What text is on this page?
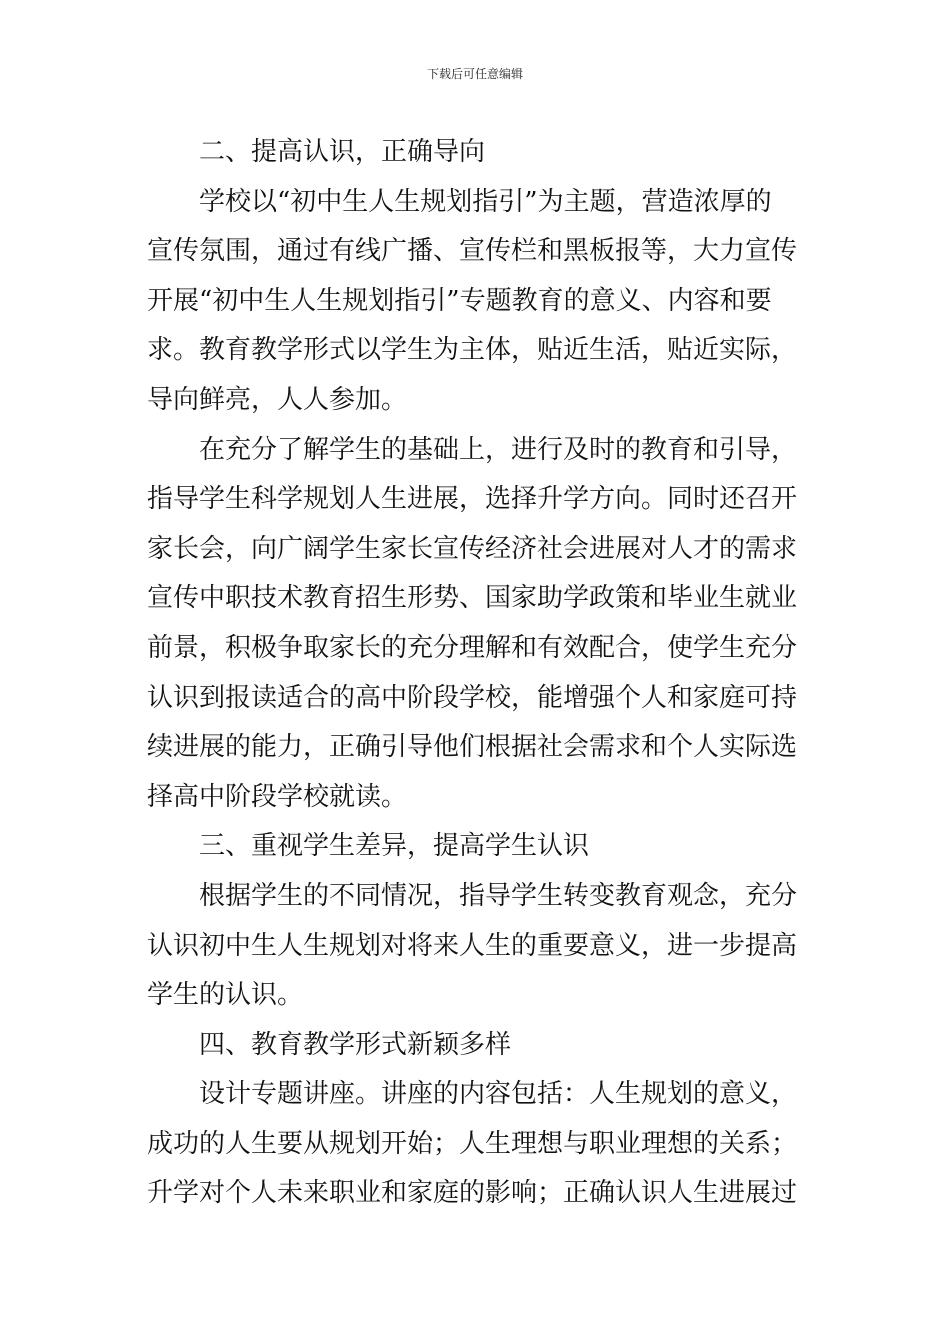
下载后可任意编辑
二、提高认识，正确导向
学校以“初中生人生规划指引”为主题，营造浓厚的
宣传氛围，通过有线广播、宣传栏和黑板报等，大力宣传
开展“初中生人生规划指引”专题教育的意义、内容和要
求。教育教学形式以学生为主体，贴近生活，贴近实际，
导向鲜亮，人人参加。
在充分了解学生的基础上，进行及时的教育和引导，
指导学生科学规划人生进展，选择升学方向。同时还召开
家长会，向广阔学生家长宣传经济社会进展对人才的需求
宣传中职技术教育招生形势、国家助学政策和毕业生就业
前景，积极争取家长的充分理解和有效配合，使学生充分
认识到报读适合的高中阶段学校，能增强个人和家庭可持
续进展的能力，正确引导他们根据社会需求和个人实际选
择高中阶段学校就读。
三、重视学生差异，提高学生认识
根据学生的不同情况，指导学生转变教育观念，充分
认识初中生人生规划对将来人生的重要意义，进一步提高
学生的认识。
四、教育教学形式新颖多样
设计专题讲座。讲座的内容包括：人生规划的意义，
成功的人生要从规划开始；人生理想与职业理想的关系；
升学对个人未来职业和家庭的影响；正确认识人生进展过
